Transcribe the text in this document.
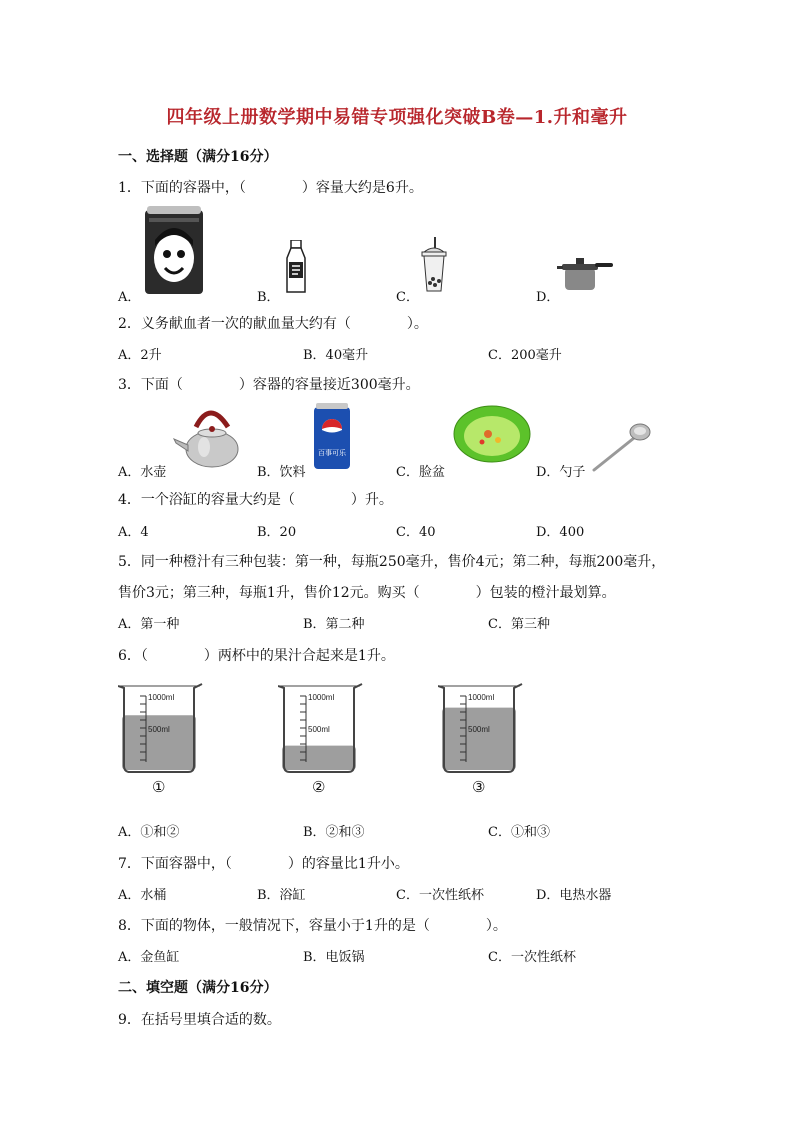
四年级上册数学期中易错专项强化突破B卷—1.升和毫升
一、选择题（满分16分）
1．下面的容器中，（　　　　）容量大约是6升。
A．	B．	C．	D．
2．义务献血者一次的献血量大约有（　　　　）。
A．2升	B．40毫升	C．200毫升
3．下面（　　　　）容器的容量接近300毫升。
A．水壶	B．饮料	C．脸盆	D．勺子
百事可乐
4．一个浴缸的容量大约是（　　　　）升。
A．4	B．20	C．40	D．400
5．同一种橙汁有三种包装：第一种，每瓶250毫升，售价4元；第二种，每瓶200毫升，
售价3元；第三种，每瓶1升，售价12元。购买（　　　　）包装的橙汁最划算。
A．第一种	B．第二种	C．第三种
6．（　　　　）两杯中的果汁合起来是1升。
1000ml
500ml
①
1000ml
500ml
②
1000ml
500ml
③
A．①和②	B．②和③	C．①和③
7．下面容器中，（　　　　）的容量比1升小。
A．水桶	B．浴缸	C．一次性纸杯	D．电热水器
8．下面的物体，一般情况下，容量小于1升的是（　　　　）。
A．金鱼缸	B．电饭锅	C．一次性纸杯
二、填空题（满分16分）
9．在括号里填合适的数。
